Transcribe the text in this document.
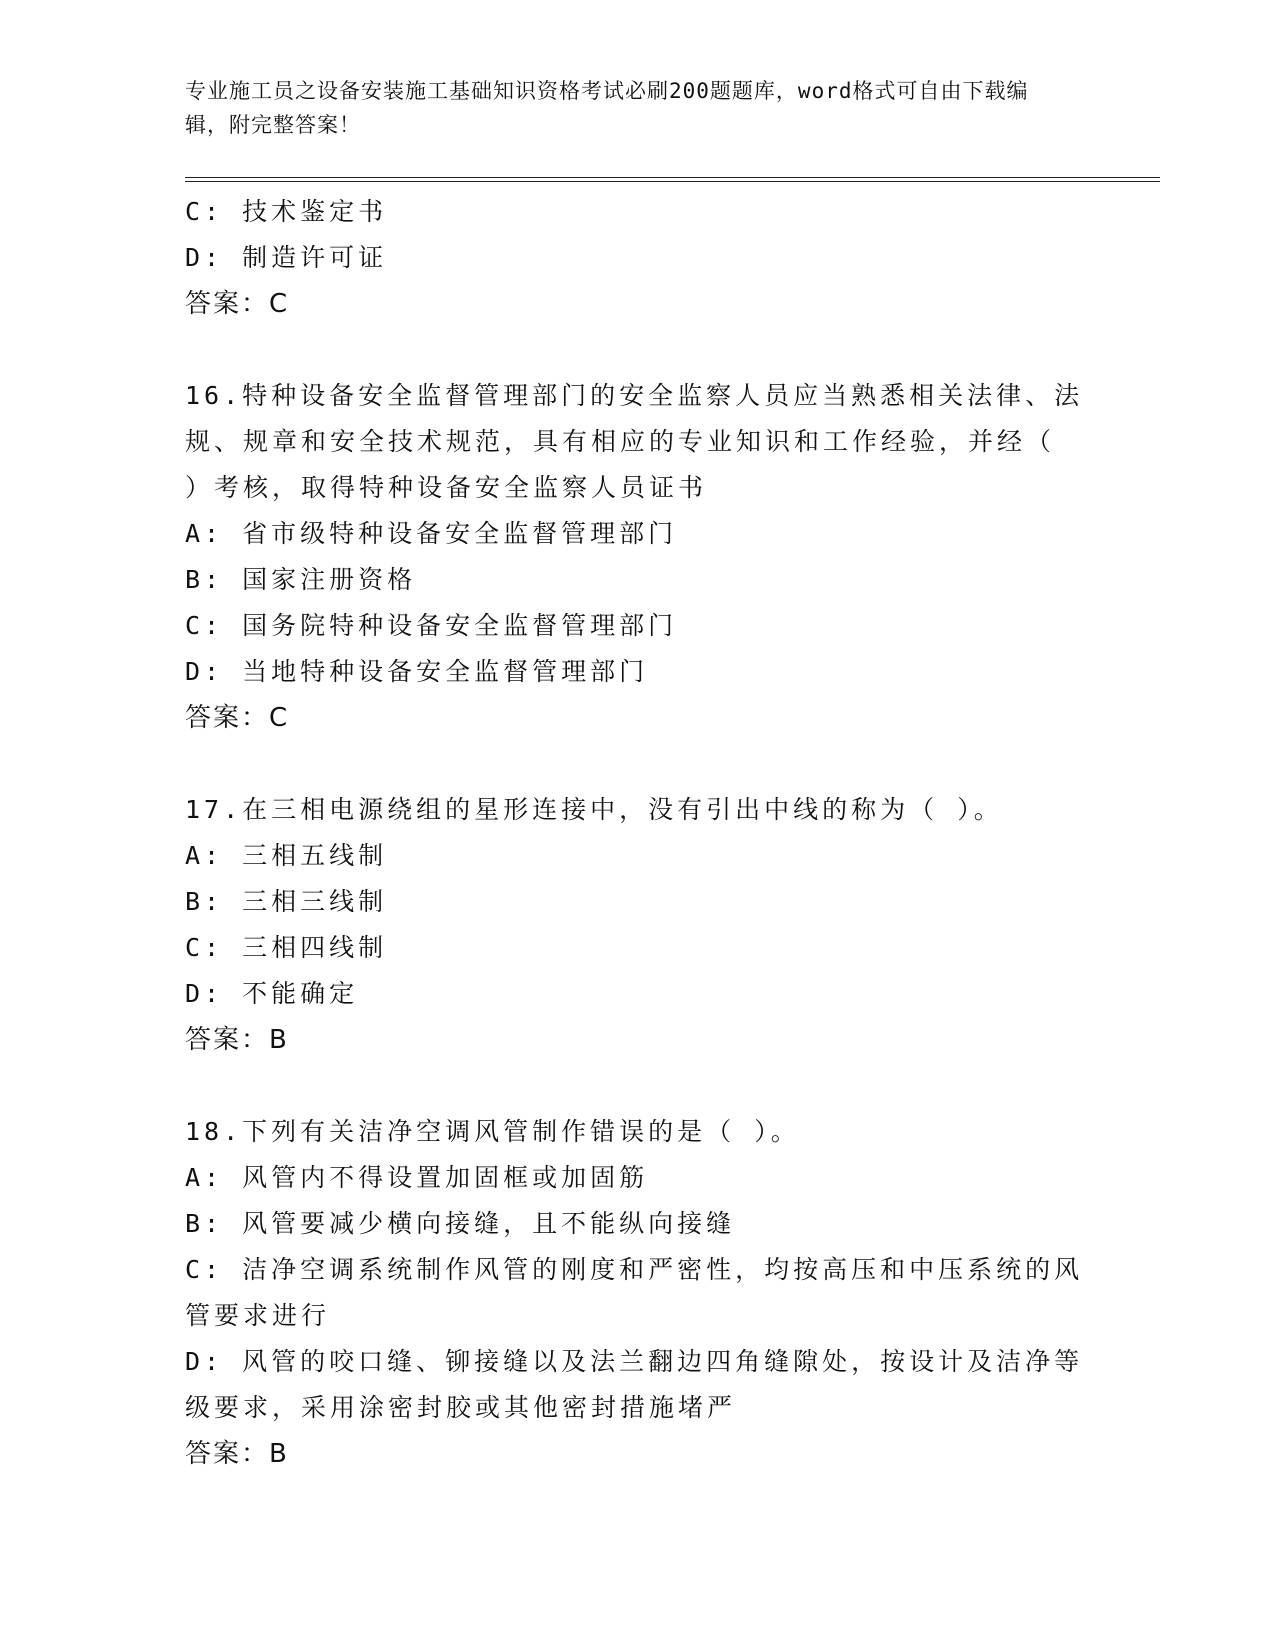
专业施工员之设备安装施工基础知识资格考试必刷200题题库，word格式可自由下载编辑，附完整答案！
C: 技术鉴定书
D: 制造许可证
答案：C
16.特种设备安全监督管理部门的安全监察人员应当熟悉相关法律、法
规、规章和安全技术规范，具有相应的专业知识和工作经验，并经（
）考核，取得特种设备安全监察人员证书
A: 省市级特种设备安全监督管理部门
B: 国家注册资格
C: 国务院特种设备安全监督管理部门
D: 当地特种设备安全监督管理部门
答案：C
17.在三相电源绕组的星形连接中，没有引出中线的称为（ ）。
A: 三相五线制
B: 三相三线制
C: 三相四线制
D: 不能确定
答案：B
18.下列有关洁净空调风管制作错误的是（ ）。
A: 风管内不得设置加固框或加固筋
B: 风管要减少横向接缝，且不能纵向接缝
C: 洁净空调系统制作风管的刚度和严密性，均按高压和中压系统的风
管要求进行
D: 风管的咬口缝、铆接缝以及法兰翻边四角缝隙处，按设计及洁净等
级要求，采用涂密封胶或其他密封措施堵严
答案：B
